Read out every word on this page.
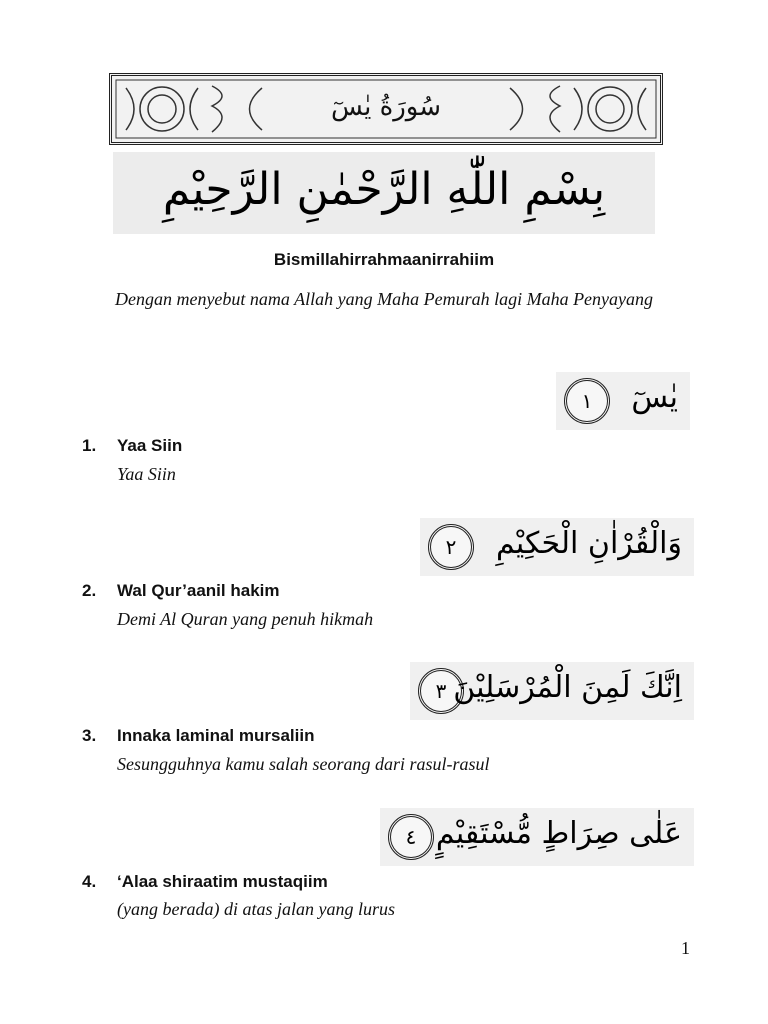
سُورَةُ يٰسٓ
بِسْمِ اللّٰهِ الرَّحْمٰنِ الرَّحِيْمِ
Bismillahirrahmaanirrahiim
Dengan menyebut nama Allah yang Maha Pemurah lagi Maha Penyayang
١	يٰسٓ
1. Yaa Siin
Yaa Siin
٢	وَالْقُرْاٰنِ الْحَكِيْمِ
2. Wal Qur’aanil hakim
Demi Al Quran yang penuh hikmah
٣ اِنَّكَ لَمِنَ الْمُرْسَلِيْنَ
3. Innaka laminal mursaliin
Sesungguhnya kamu salah seorang dari rasul-rasul
٤ عَلٰى صِرَاطٍ مُّسْتَقِيْمٍ
4. ‘Alaa shiraatim mustaqiim
(yang berada) di atas jalan yang lurus
1
